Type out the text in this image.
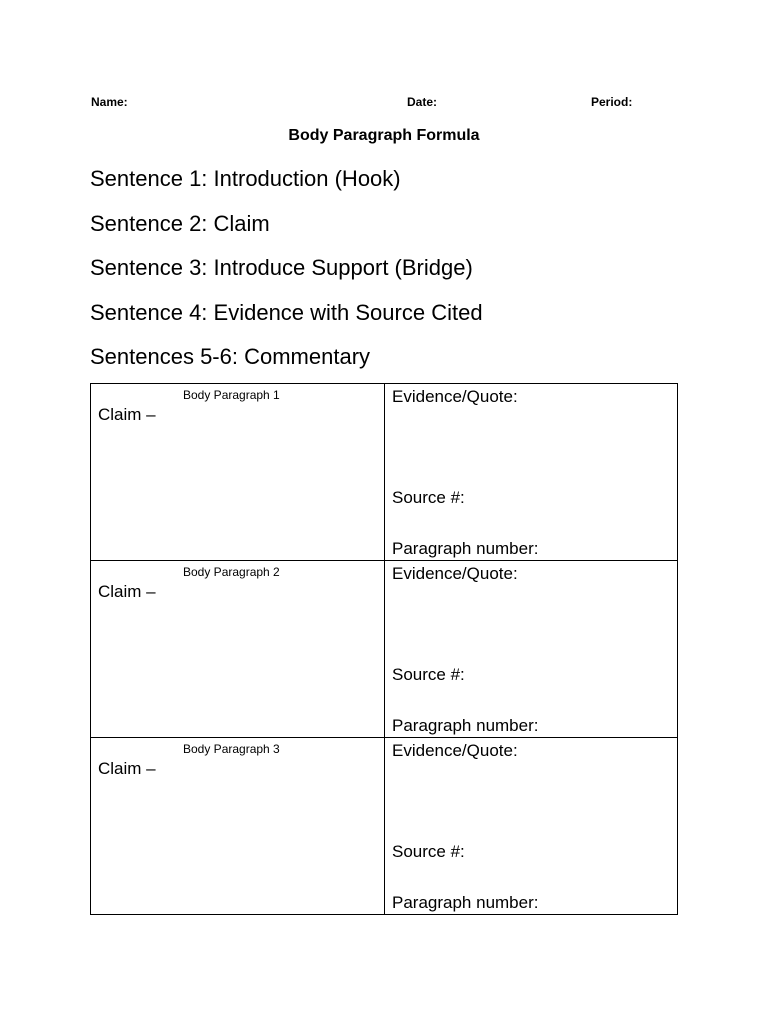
Name:	Date:	Period:
Body Paragraph Formula
Sentence 1: Introduction (Hook)
Sentence 2: Claim
Sentence 3: Introduce Support (Bridge)
Sentence 4: Evidence with Source Cited
Sentences 5-6: Commentary
Body Paragraph 1
Claim –	Evidence/Quote:
Source #:
Paragraph number:

Body Paragraph 2
Claim –	Evidence/Quote:
Source #:
Paragraph number:

Body Paragraph 3
Claim –	Evidence/Quote:
Source #:
Paragraph number:
